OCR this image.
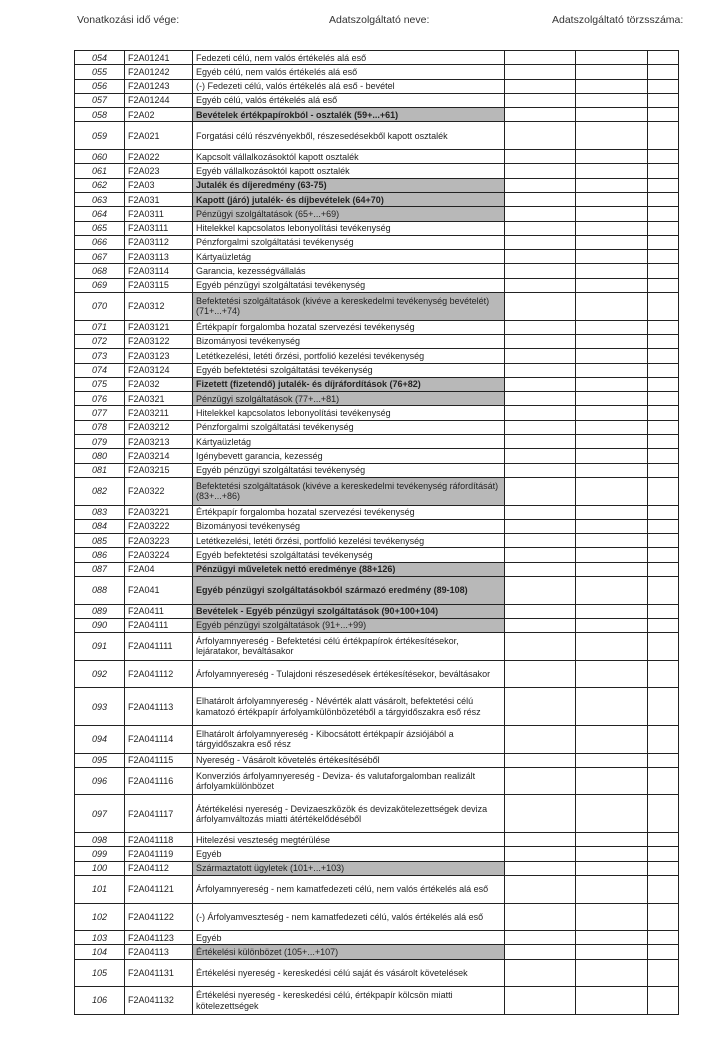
Vonatkozási idő vége:	Adatszolgáltató neve:	Adatszolgáltató törzsszáma:
054	F2A01241	Fedezeti célú, nem valós értékelés alá eső			
055	F2A01242	Egyéb célú, nem valós értékelés alá eső			
056	F2A01243	(-) Fedezeti célú, valós értékelés alá eső - bevétel			
057	F2A01244	Egyéb célú, valós értékelés alá eső			
058	F2A02	Bevételek értékpapírokból - osztalék (59+...+61)			
059	F2A021	Forgatási célú részvényekből, részesedésekből kapott osztalék			
060	F2A022	Kapcsolt vállalkozásoktól kapott osztalék			
061	F2A023	Egyéb vállalkozásoktól kapott osztalék			
062	F2A03	Jutalék és díjeredmény (63-75)			
063	F2A031	Kapott (járó) jutalék- és díjbevételek (64+70)			
064	F2A0311	Pénzügyi szolgáltatások (65+...+69)			
065	F2A03111	Hitelekkel kapcsolatos lebonyolítási tevékenység			
066	F2A03112	Pénzforgalmi szolgáltatási tevékenység			
067	F2A03113	Kártyaüzletág			
068	F2A03114	Garancia, kezességvállalás			
069	F2A03115	Egyéb pénzügyi szolgáltatási tevékenység			
070	F2A0312	Befektetési szolgáltatások (kivéve a kereskedelmi tevékenység bevételét) (71+...+74)			
071	F2A03121	Értékpapír forgalomba hozatal szervezési tevékenység			
072	F2A03122	Bizományosi tevékenység			
073	F2A03123	Letétkezelési, letéti őrzési, portfolió kezelési tevékenység			
074	F2A03124	Egyéb befektetési szolgáltatási tevékenység			
075	F2A032	Fizetett (fizetendő) jutalék- és díjráfordítások (76+82)			
076	F2A0321	Pénzügyi szolgáltatások (77+...+81)			
077	F2A03211	Hitelekkel kapcsolatos lebonyolítási tevékenység			
078	F2A03212	Pénzforgalmi szolgáltatási tevékenység			
079	F2A03213	Kártyaüzletág			
080	F2A03214	Igénybevett garancia, kezesség			
081	F2A03215	Egyéb pénzügyi szolgáltatási tevékenység			
082	F2A0322	Befektetési szolgáltatások (kivéve a kereskedelmi tevékenység ráfordítását) (83+...+86)			
083	F2A03221	Értékpapír forgalomba hozatal szervezési tevékenység			
084	F2A03222	Bizományosi tevékenység			
085	F2A03223	Letétkezelési, letéti őrzési, portfolió kezelési tevékenység			
086	F2A03224	Egyéb befektetési szolgáltatási tevékenység			
087	F2A04	Pénzügyi műveletek nettó eredménye (88+126)			
088	F2A041	Egyéb pénzügyi szolgáltatásokból származó eredmény (89-108)			
089	F2A0411	Bevételek - Egyéb pénzügyi szolgáltatások (90+100+104)			
090	F2A04111	Egyéb pénzügyi szolgáltatások (91+...+99)			
091	F2A041111	Árfolyamnyereség - Befektetési célú értékpapírok értékesítésekor, lejáratakor, beváltásakor			
092	F2A041112	Árfolyamnyereség - Tulajdoni részesedések értékesítésekor, beváltásakor			
093	F2A041113	Elhatárolt árfolyamnyereség - Névérték alatt vásárolt, befektetési célú kamatozó értékpapír árfolyamkülönbözetéből a tárgyidőszakra eső rész			
094	F2A041114	Elhatárolt árfolyamnyereség - Kibocsátott értékpapír ázsiójából a tárgyidőszakra eső rész			
095	F2A041115	Nyereség - Vásárolt követelés értékesítéséből			
096	F2A041116	Konverziós árfolyamnyereség - Deviza- és valutaforgalomban realizált árfolyamkülönbözet			
097	F2A041117	Átértékelési nyereség - Devizaeszközök és devizakötelezettségek deviza árfolyamváltozás miatti átértékelődéséből			
098	F2A041118	Hitelezési veszteség megtérülése			
099	F2A041119	Egyéb			
100	F2A04112	Származtatott ügyletek (101+...+103)			
101	F2A041121	Árfolyamnyereség - nem kamatfedezeti célú, nem valós értékelés alá eső			
102	F2A041122	(-) Árfolyamveszteség - nem kamatfedezeti célú, valós értékelés alá eső			
103	F2A041123	Egyéb			
104	F2A04113	Értékelési különbözet (105+...+107)			
105	F2A041131	Értékelési nyereség - kereskedési célú saját és vásárolt követelések			
106	F2A041132	Értékelési nyereség - kereskedési célú, értékpapír kölcsön miatti kötelezettségek			
